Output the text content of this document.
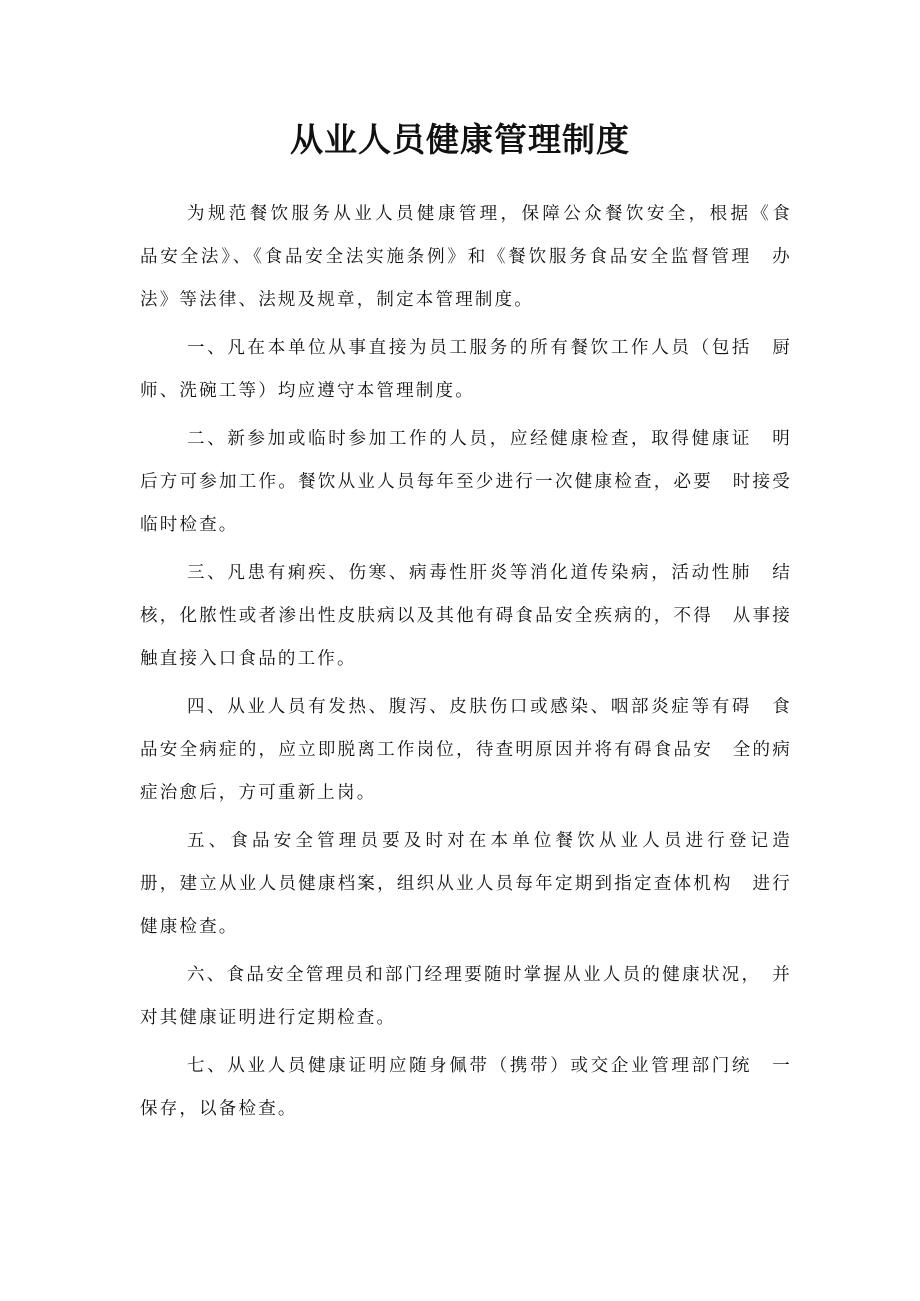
从业人员健康管理制度

为规范餐饮服务从业人员健康管理，保障公众餐饮安全，根据《食　品安全法》、《食品安全法实施条例》和《餐饮服务食品安全监督管理　办法》等法律、法规及规章，制定本管理制度。

一、凡在本单位从事直接为员工服务的所有餐饮工作人员（包括　厨师、洗碗工等）均应遵守本管理制度。

二、新参加或临时参加工作的人员，应经健康检查，取得健康证　明后方可参加工作。餐饮从业人员每年至少进行一次健康检查，必要　时接受临时检查。

三、凡患有痢疾、伤寒、病毒性肝炎等消化道传染病，活动性肺　结核，化脓性或者渗出性皮肤病以及其他有碍食品安全疾病的，不得　从事接触直接入口食品的工作。

四、从业人员有发热、腹泻、皮肤伤口或感染、咽部炎症等有碍　食品安全病症的，应立即脱离工作岗位，待查明原因并将有碍食品安　全的病症治愈后，方可重新上岗。

五、食品安全管理员要及时对在本单位餐饮从业人员进行登记造　　册，建立从业人员健康档案，组织从业人员每年定期到指定查体机构　进行健康检查。

六、食品安全管理员和部门经理要随时掌握从业人员的健康状况，　并对其健康证明进行定期检查。

七、从业人员健康证明应随身佩带（携带）或交企业管理部门统　一保存，以备检查。
